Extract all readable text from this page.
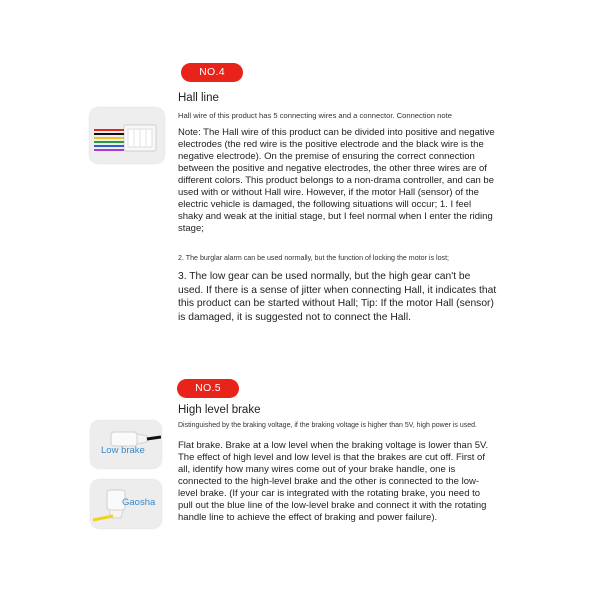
NO.4
Hall line
Hall wire of this product has 5 connecting wires and a connector. Connection note

Note: The Hall wire of this product can be divided into positive and negative electrodes (the red wire is the positive electrode and the black wire is the negative electrode). On the premise of ensuring the correct connection between the positive and negative electrodes, the other three wires are of different colors. This product belongs to a non-drama controller, and can be used with or without Hall wire. However, if the motor Hall (sensor) of the electric vehicle is damaged, the following situations will occur; 1. I feel shaky and weak at the initial stage, but I feel normal when I enter the riding stage;

2. The burglar alarm can be used normally, but the function of locking the motor is lost;

3. The low gear can be used normally, but the high gear can't be used. If there is a sense of jitter when connecting Hall, it indicates that this product can be started without Hall; Tip: If the motor Hall (sensor) is damaged, it is suggested not to connect the Hall.

NO.5
High level brake
Distinguished by the braking voltage, if the braking voltage is higher than 5V, high power is used.
Low brake
Gaosha

Flat brake. Brake at a low level when the braking voltage is lower than 5V. The effect of high level and low level is that the brakes are cut off. First of all, identify how many wires come out of your brake handle, one is connected to the high-level brake and the other is connected to the low-level brake. (If your car is integrated with the rotating brake, you need to pull out the blue line of the low-level brake and connect it with the rotating handle line to achieve the effect of braking and power failure).
